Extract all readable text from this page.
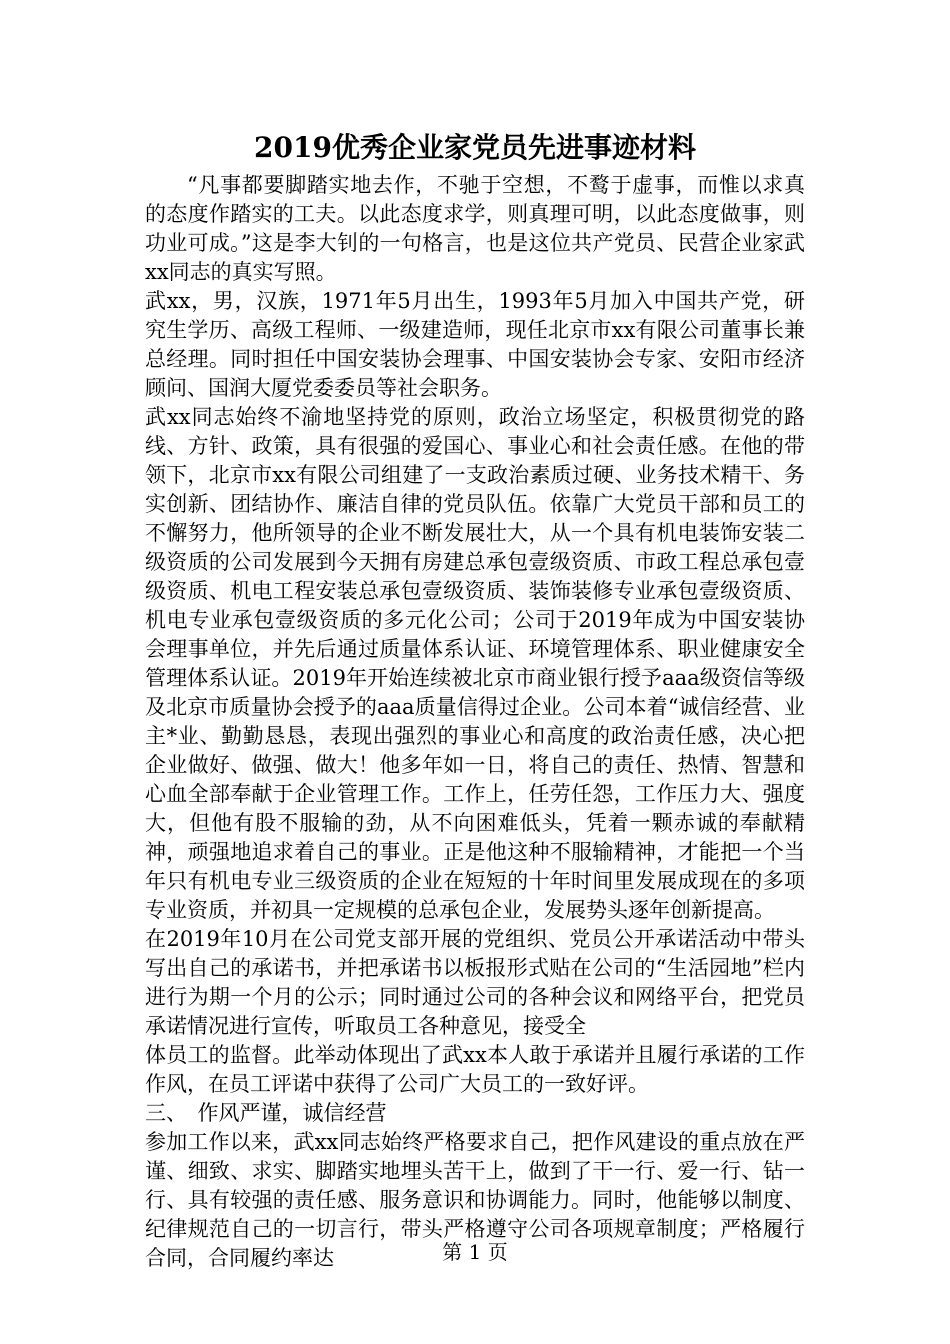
2019优秀企业家党员先进事迹材料

“凡事都要脚踏实地去作，不驰于空想，不鹜于虚事，而惟以求真的态度作踏实的工夫。以此态度求学，则真理可明，以此态度做事，则功业可成。”这是李大钊的一句格言，也是这位共产党员、民营企业家武xx同志的真实写照。

武xx，男，汉族，1971年5月出生，1993年5月加入中国共产党，研究生学历、高级工程师、一级建造师，现任北京市xx有限公司董事长兼总经理。同时担任中国安装协会理事、中国安装协会专家、安阳市经济顾问、国润大厦党委委员等社会职务。

武xx同志始终不渝地坚持党的原则，政治立场坚定，积极贯彻党的路线、方针、政策，具有很强的爱国心、事业心和社会责任感。在他的带领下，北京市xx有限公司组建了一支政治素质过硬、业务技术精干、务实创新、团结协作、廉洁自律的党员队伍。依靠广大党员干部和员工的不懈努力，他所领导的企业不断发展壮大，从一个具有机电装饰安装二级资质的公司发展到今天拥有房建总承包壹级资质、市政工程总承包壹级资质、机电工程安装总承包壹级资质、装饰装修专业承包壹级资质、机电专业承包壹级资质的多元化公司；公司于2019年成为中国安装协会理事单位，并先后通过质量体系认证、环境管理体系、职业健康安全管理体系认证。2019年开始连续被北京市商业银行授予aaa级资信等级及北京市质量协会授予的aaa质量信得过企业。公司本着“诚信经营、业主*业、勤勤恳恳，表现出强烈的事业心和高度的政治责任感，决心把企业做好、做强、做大！他多年如一日，将自己的责任、热情、智慧和心血全部奉献于企业管理工作。工作上，任劳任怨，工作压力大、强度大，但他有股不服输的劲，从不向困难低头，凭着一颗赤诚的奉献精神，顽强地追求着自己的事业。正是他这种不服输精神，才能把一个当年只有机电专业三级资质的企业在短短的十年时间里发展成现在的多项专业资质，并初具一定规模的总承包企业，发展势头逐年创新提高。

在2019年10月在公司党支部开展的党组织、党员公开承诺活动中带头写出自己的承诺书，并把承诺书以板报形式贴在公司的“生活园地”栏内进行为期一个月的公示；同时通过公司的各种会议和网络平台，把党员承诺情况进行宣传，听取员工各种意见，接受全

体员工的监督。此举动体现出了武xx本人敢于承诺并且履行承诺的工作作风，在员工评诺中获得了公司广大员工的一致好评。

三、　作风严谨，诚信经营

参加工作以来，武xx同志始终严格要求自己，把作风建设的重点放在严谨、细致、求实、脚踏实地埋头苦干上，做到了干一行、爱一行、钻一行、具有较强的责任感、服务意识和协调能力。同时，他能够以制度、纪律规范自己的一切言行，带头严格遵守公司各项规章制度；严格履行合同，合同履约率达	第 1 页
